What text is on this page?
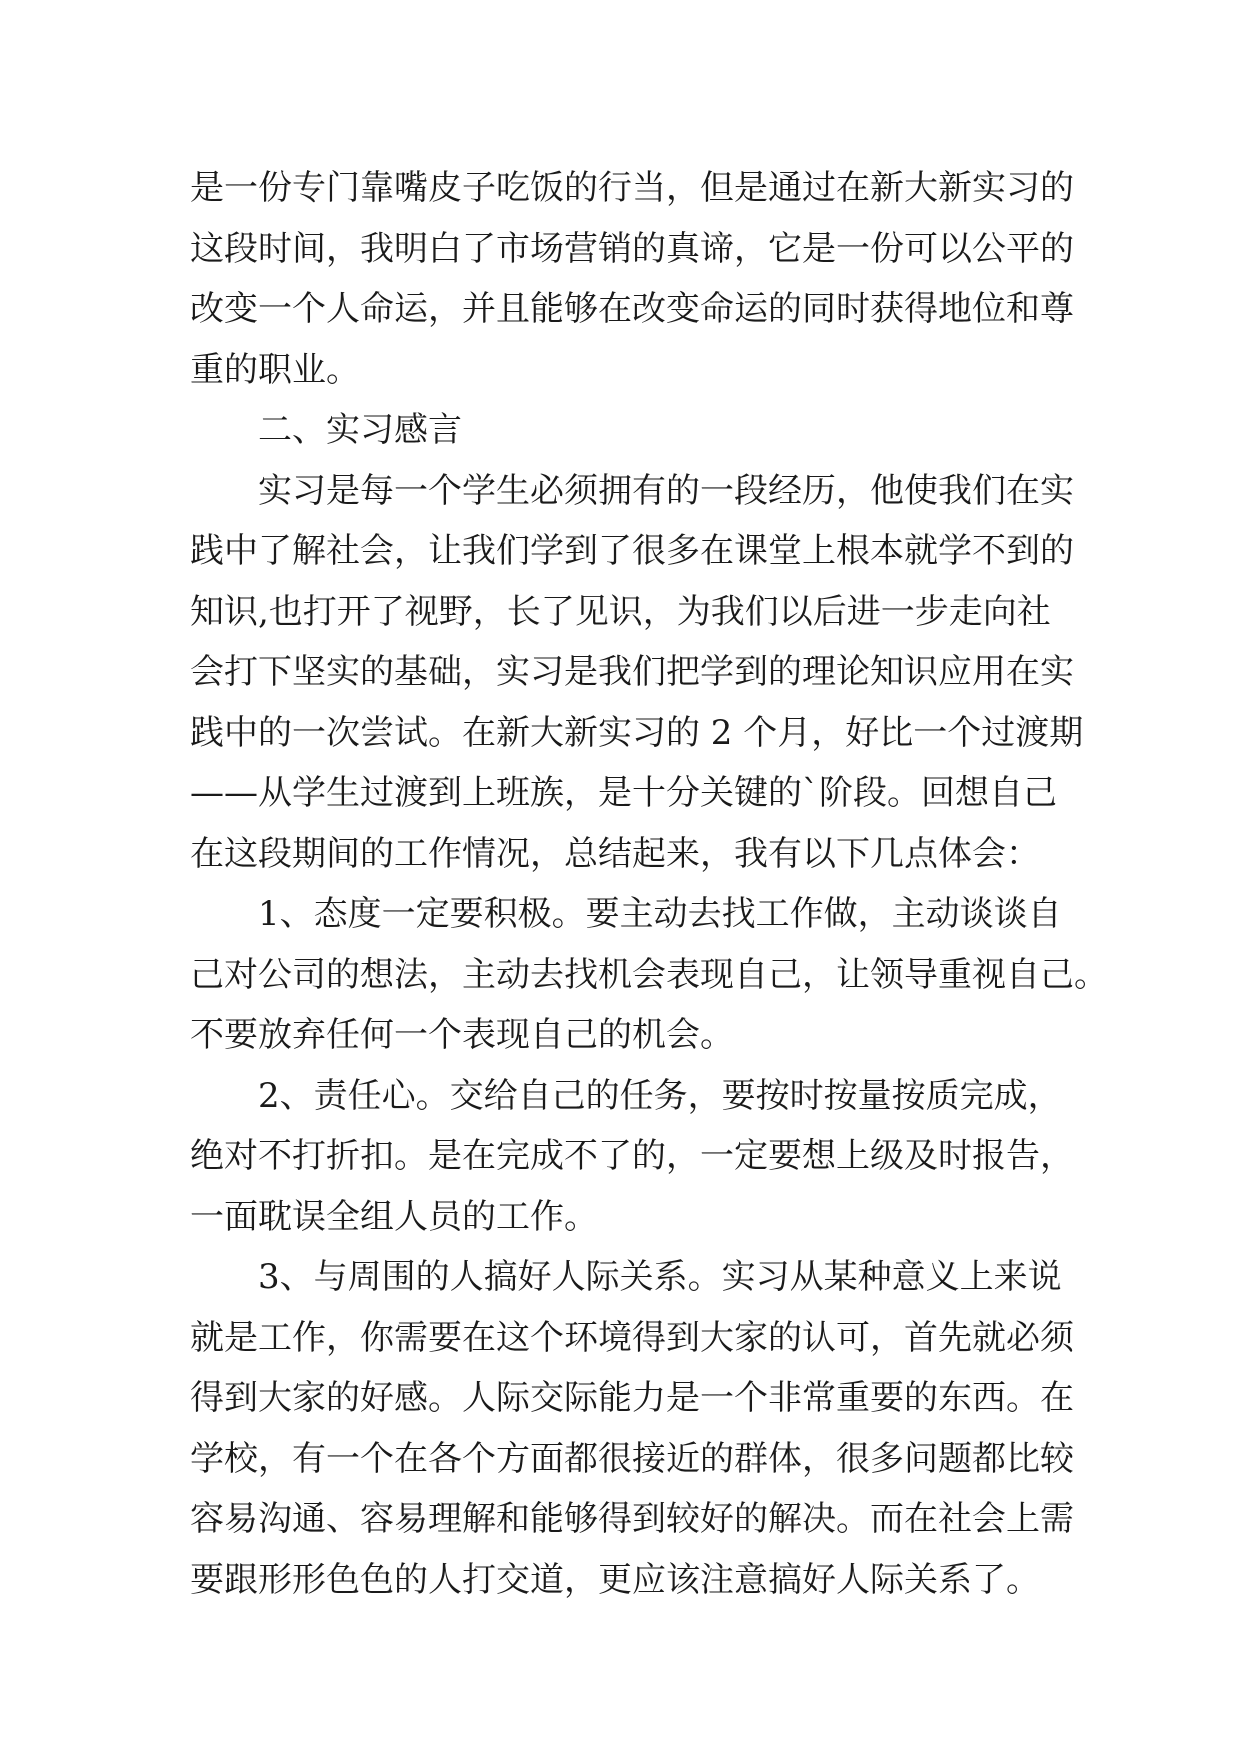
是一份专门靠嘴皮子吃饭的行当，但是通过在新大新实习的
这段时间，我明白了市场营销的真谛，它是一份可以公平的
改变一个人命运，并且能够在改变命运的同时获得地位和尊
重的职业。
二、实习感言
实习是每一个学生必须拥有的一段经历，他使我们在实
践中了解社会，让我们学到了很多在课堂上根本就学不到的
知识,也打开了视野，长了见识，为我们以后进一步走向社
会打下坚实的基础，实习是我们把学到的理论知识应用在实
践中的一次尝试。在新大新实习的 2 个月，好比一个过渡期
——从学生过渡到上班族，是十分关键的`阶段。回想自己
在这段期间的工作情况，总结起来，我有以下几点体会：
1、态度一定要积极。要主动去找工作做，主动谈谈自
己对公司的想法，主动去找机会表现自己，让领导重视自己。
不要放弃任何一个表现自己的机会。
2、责任心。交给自己的任务，要按时按量按质完成，
绝对不打折扣。是在完成不了的，一定要想上级及时报告，
一面耽误全组人员的工作。
3、与周围的人搞好人际关系。实习从某种意义上来说
就是工作，你需要在这个环境得到大家的认可，首先就必须
得到大家的好感。人际交际能力是一个非常重要的东西。在
学校，有一个在各个方面都很接近的群体，很多问题都比较
容易沟通、容易理解和能够得到较好的解决。而在社会上需
要跟形形色色的人打交道，更应该注意搞好人际关系了。
